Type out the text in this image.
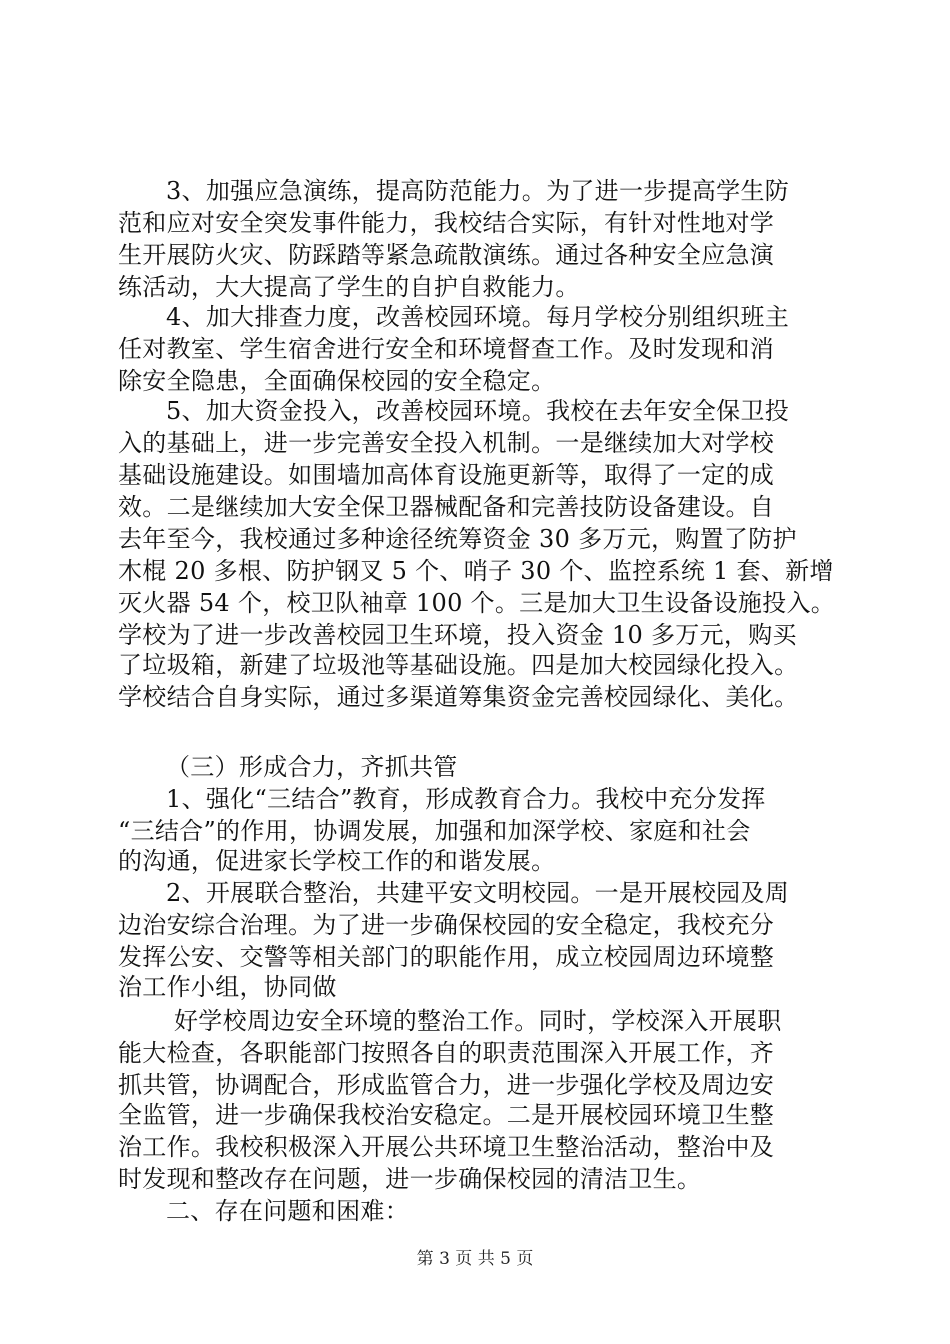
3、加强应急演练，提高防范能力。为了进一步提高学生防
范和应对安全突发事件能力，我校结合实际，有针对性地对学
生开展防火灾、防踩踏等紧急疏散演练。通过各种安全应急演
练活动，大大提高了学生的自护自救能力。
4、加大排查力度，改善校园环境。每月学校分别组织班主
任对教室、学生宿舍进行安全和环境督查工作。及时发现和消
除安全隐患，全面确保校园的安全稳定。
5、加大资金投入，改善校园环境。我校在去年安全保卫投
入的基础上，进一步完善安全投入机制。一是继续加大对学校
基础设施建设。如围墙加高体育设施更新等，取得了一定的成
效。二是继续加大安全保卫器械配备和完善技防设备建设。自
去年至今，我校通过多种途径统筹资金 30 多万元，购置了防护
木棍 20 多根、防护钢叉 5 个、哨子 30 个、监控系统 1 套、新增
灭火器 54 个，校卫队袖章 100 个。三是加大卫生设备设施投入。
学校为了进一步改善校园卫生环境，投入资金 10 多万元，购买
了垃圾箱，新建了垃圾池等基础设施。四是加大校园绿化投入。
学校结合自身实际，通过多渠道筹集资金完善校园绿化、美化。
（三）形成合力，齐抓共管
1、强化“三结合”教育，形成教育合力。我校中充分发挥
“三结合”的作用，协调发展，加强和加深学校、家庭和社会
的沟通，促进家长学校工作的和谐发展。
2、开展联合整治，共建平安文明校园。一是开展校园及周
边治安综合治理。为了进一步确保校园的安全稳定，我校充分
发挥公安、交警等相关部门的职能作用，成立校园周边环境整
治工作小组，协同做
好学校周边安全环境的整治工作。同时，学校深入开展职
能大检查，各职能部门按照各自的职责范围深入开展工作，齐
抓共管，协调配合，形成监管合力，进一步强化学校及周边安
全监管，进一步确保我校治安稳定。二是开展校园环境卫生整
治工作。我校积极深入开展公共环境卫生整治活动，整治中及
时发现和整改存在问题，进一步确保校园的清洁卫生。
二、存在问题和困难：
第 3 页 共 5 页
